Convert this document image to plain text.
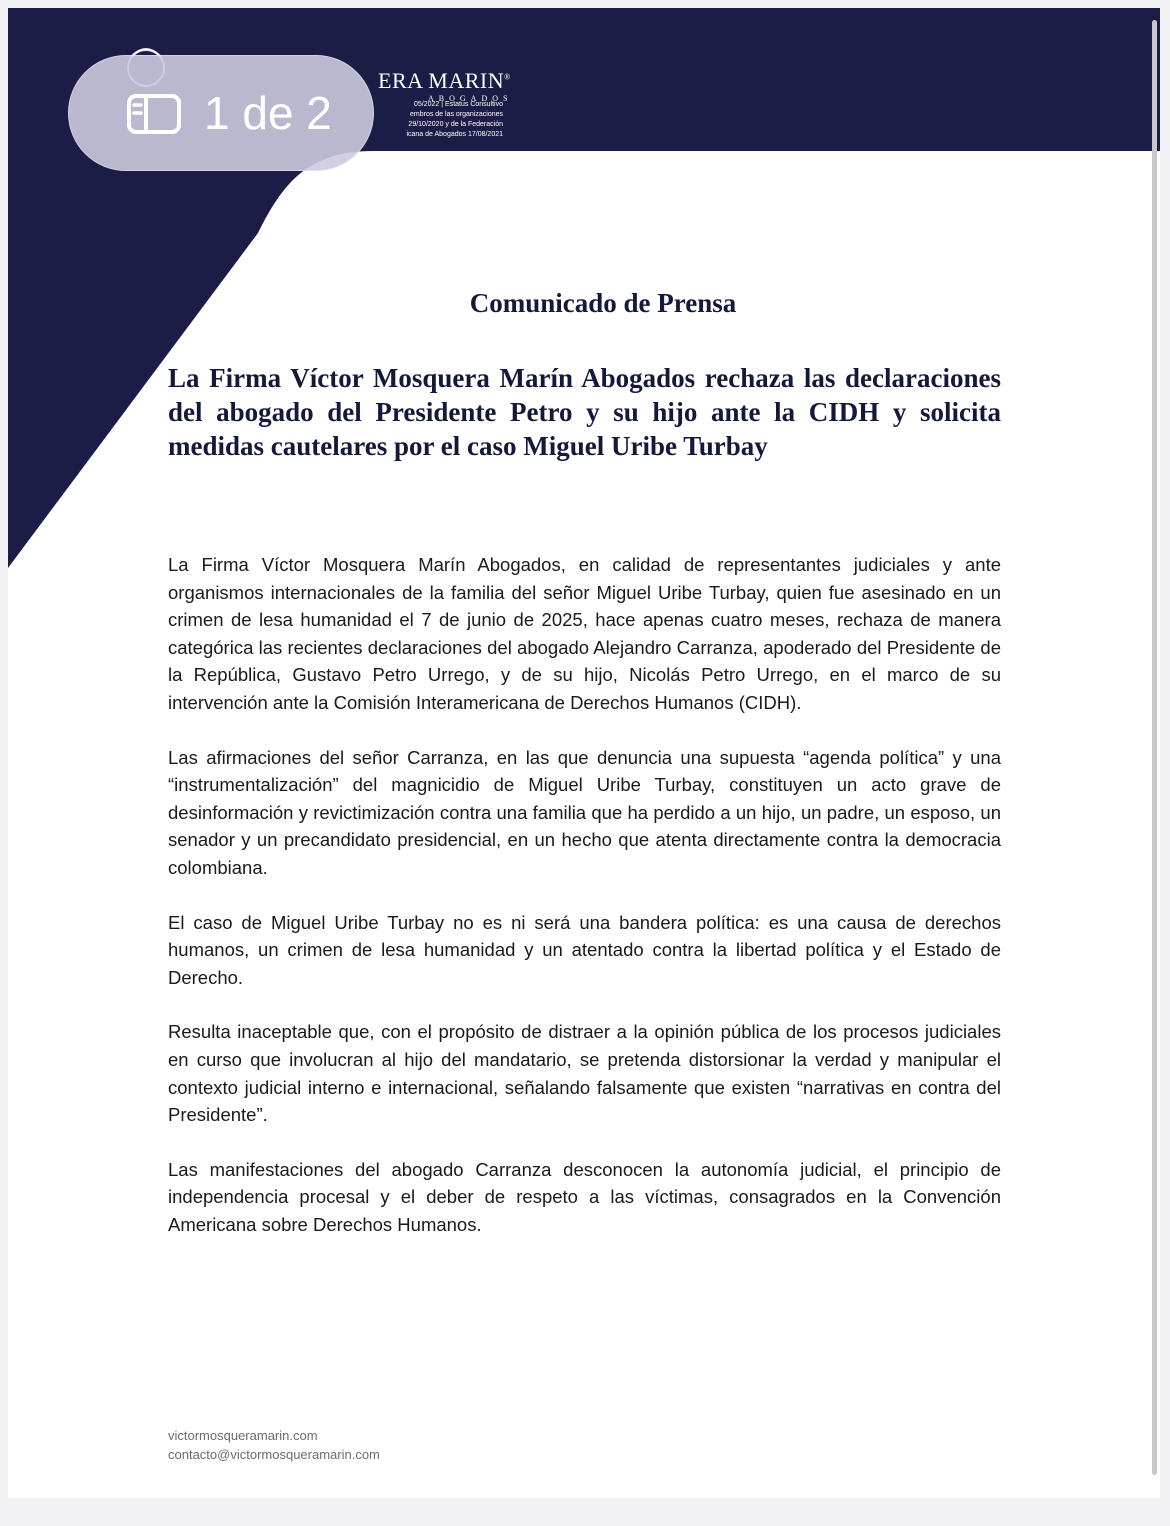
ERA MARIN®
ABOGADOS
05/2022 | Estatus Consultivo
embros de las organizaciones
29/10/2020 y de la Federación
icana de Abogados 17/08/2021
Comunicado de Prensa
La Firma Víctor Mosquera Marín Abogados rechaza las declaraciones del abogado del Presidente Petro y su hijo ante la CIDH y solicita medidas cautelares por el caso Miguel Uribe Turbay

La Firma Víctor Mosquera Marín Abogados, en calidad de representantes judiciales y ante organismos internacionales de la familia del señor Miguel Uribe Turbay, quien fue asesinado en un crimen de lesa humanidad el 7 de junio de 2025, hace apenas cuatro meses, rechaza de manera categórica las recientes declaraciones del abogado Alejandro Carranza, apoderado del Presidente de la República, Gustavo Petro Urrego, y de su hijo, Nicolás Petro Urrego, en el marco de su intervención ante la Comisión Interamericana de Derechos Humanos (CIDH).

Las afirmaciones del señor Carranza, en las que denuncia una supuesta “agenda política” y una “instrumentalización” del magnicidio de Miguel Uribe Turbay, constituyen un acto grave de desinformación y revictimización contra una familia que ha perdido a un hijo, un padre, un esposo, un senador y un precandidato presidencial, en un hecho que atenta directamente contra la democracia colombiana.

El caso de Miguel Uribe Turbay no es ni será una bandera política: es una causa de derechos humanos, un crimen de lesa humanidad y un atentado contra la libertad política y el Estado de Derecho.

Resulta inaceptable que, con el propósito de distraer a la opinión pública de los procesos judiciales en curso que involucran al hijo del mandatario, se pretenda distorsionar la verdad y manipular el contexto judicial interno e internacional, señalando falsamente que existen “narrativas en contra del Presidente”.

Las manifestaciones del abogado Carranza desconocen la autonomía judicial, el principio de independencia procesal y el deber de respeto a las víctimas, consagrados en la Convención Americana sobre Derechos Humanos.

victormosqueramarin.com
contacto@victormosqueramarin.com
1 de 2
